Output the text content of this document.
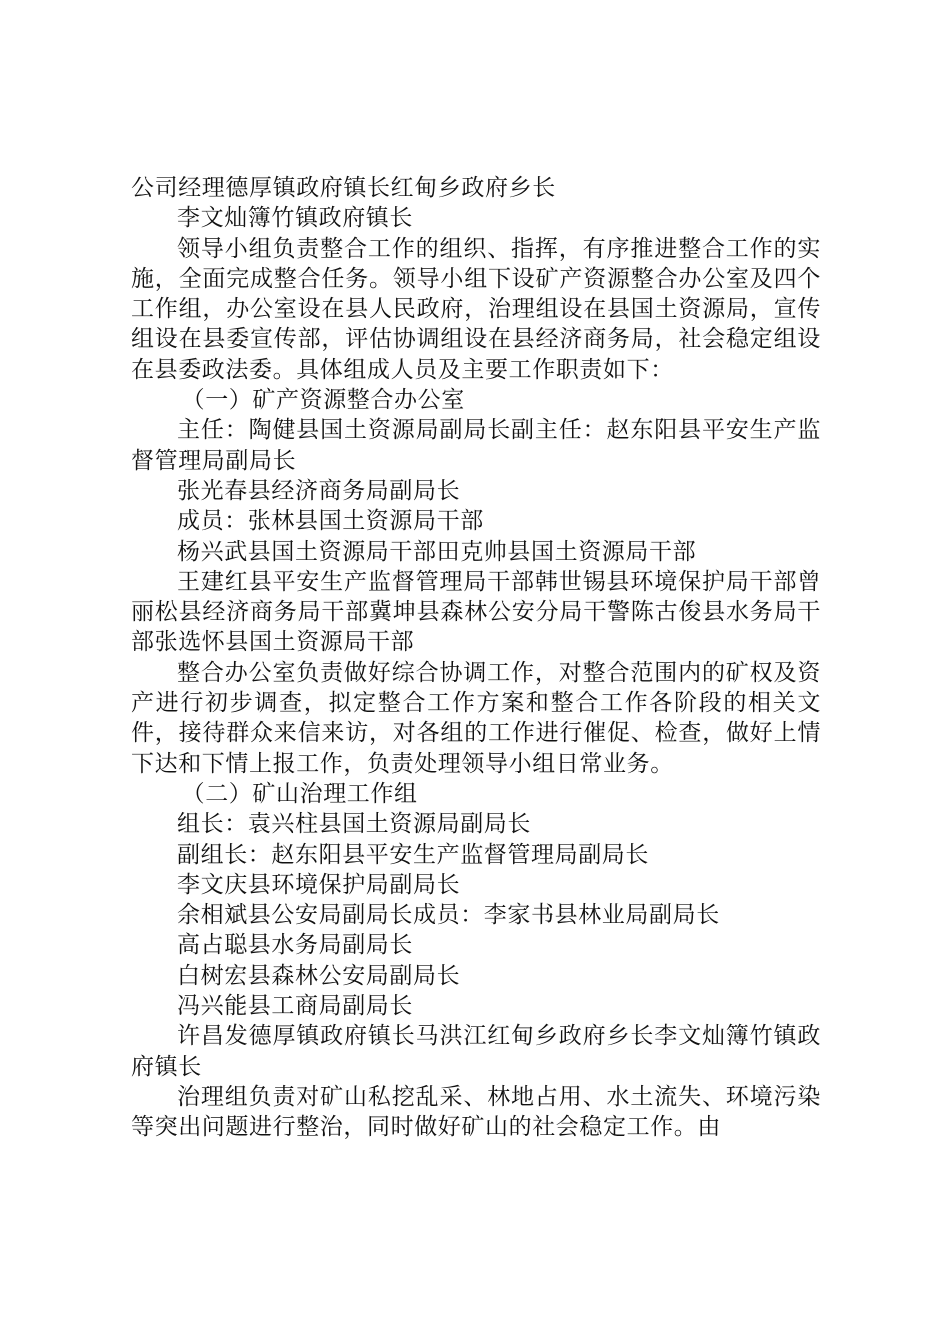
公司经理德厚镇政府镇长红甸乡政府乡长

李文灿簿竹镇政府镇长

领导小组负责整合工作的组织、指挥，有序推进整合工作的实施，全面完成整合任务。领导小组下设矿产资源整合办公室及四个工作组，办公室设在县人民政府，治理组设在县国土资源局，宣传组设在县委宣传部，评估协调组设在县经济商务局，社会稳定组设在县委政法委。具体组成人员及主要工作职责如下：

（一）矿产资源整合办公室

主任：陶健县国土资源局副局长副主任：赵东阳县平安生产监督管理局副局长

张光春县经济商务局副局长

成员：张林县国土资源局干部

杨兴武县国土资源局干部田克帅县国土资源局干部

王建红县平安生产监督管理局干部韩世锡县环境保护局干部曾丽松县经济商务局干部冀坤县森林公安分局干警陈古俊县水务局干部张选怀县国土资源局干部

整合办公室负责做好综合协调工作，对整合范围内的矿权及资产进行初步调查，拟定整合工作方案和整合工作各阶段的相关文件，接待群众来信来访，对各组的工作进行催促、检查，做好上情下达和下情上报工作，负责处理领导小组日常业务。

（二）矿山治理工作组

组长：袁兴柱县国土资源局副局长

副组长：赵东阳县平安生产监督管理局副局长

李文庆县环境保护局副局长

余相斌县公安局副局长成员：李家书县林业局副局长

高占聪县水务局副局长

白树宏县森林公安局副局长

冯兴能县工商局副局长

许昌发德厚镇政府镇长马洪江红甸乡政府乡长李文灿簿竹镇政府镇长

治理组负责对矿山私挖乱采、林地占用、水土流失、环境污染等突出问题进行整治，同时做好矿山的社会稳定工作。由
